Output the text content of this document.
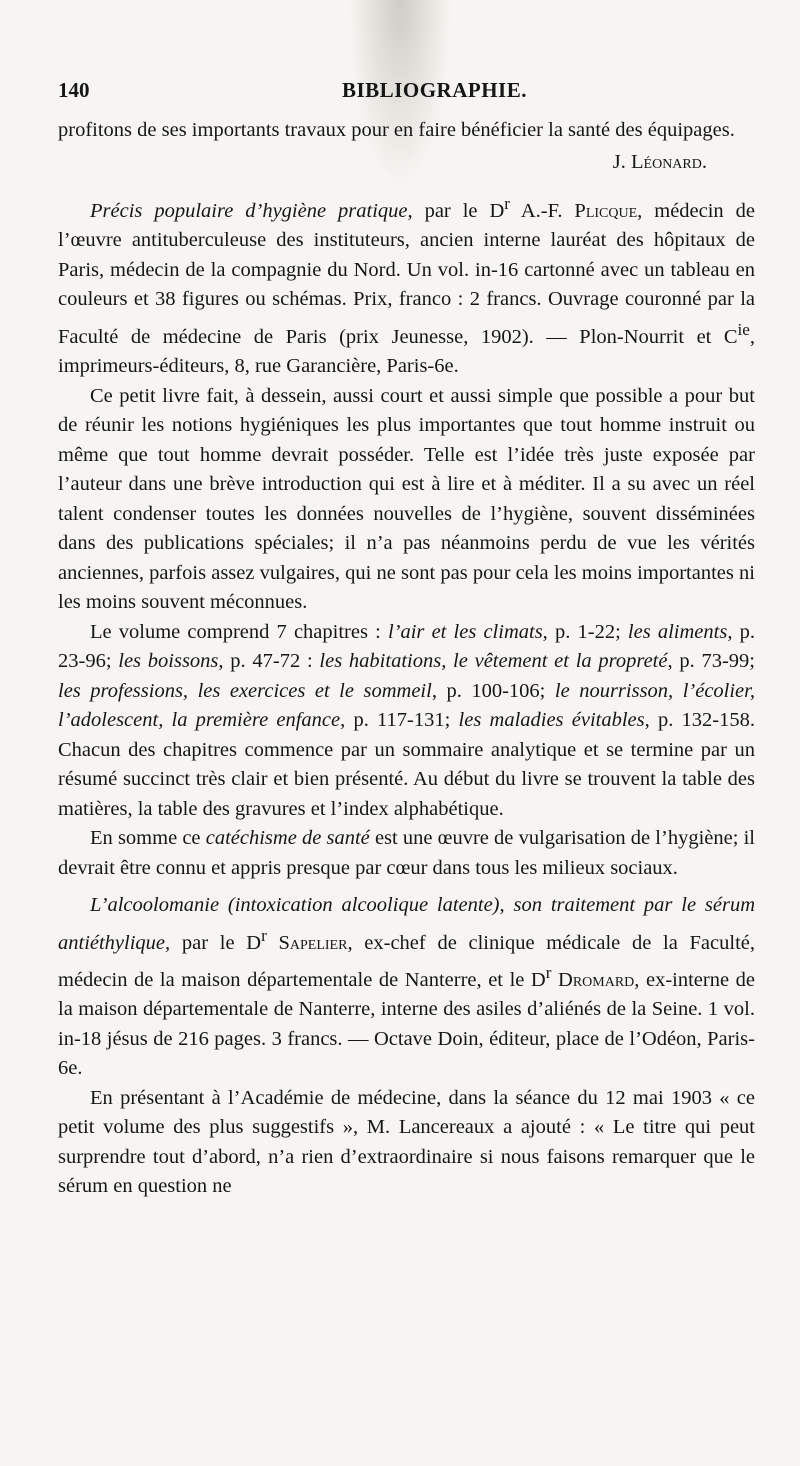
140	BIBLIOGRAPHIE.

profitons de ses importants travaux pour en faire bénéficier la santé des équipages.

J. Léonard.

Précis populaire d’hygiène pratique, par le $D^r$ A.-F. Plicque, médecin de l’œuvre antituberculeuse des instituteurs, ancien interne lauréat des hôpitaux de Paris, médecin de la compagnie du Nord. Un vol. in-16 cartonné avec un tableau en couleurs et 38 figures ou schémas. Prix, franco : 2 francs. Ouvrage couronné par la Faculté de médecine de Paris (prix Jeunesse, 1902). — Plon-Nourrit et $C^{ie}$, imprimeurs-éditeurs, 8, rue Garancière, Paris-6e.

Ce petit livre fait, à dessein, aussi court et aussi simple que possible a pour but de réunir les notions hygiéniques les plus importantes que tout homme instruit ou même que tout homme devrait posséder. Telle est l’idée très juste exposée par l’auteur dans une brève introduction qui est à lire et à méditer. Il a su avec un réel talent condenser toutes les données nouvelles de l’hygiène, souvent disséminées dans des publications spéciales; il n’a pas néanmoins perdu de vue les vérités anciennes, parfois assez vulgaires, qui ne sont pas pour cela les moins importantes ni les moins souvent méconnues.

Le volume comprend 7 chapitres : l’air et les climats, p. 1-22; les aliments, p. 23-96; les boissons, p. 47-72 : les habitations, le vêtement et la propreté, p. 73-99; les professions, les exercices et le sommeil, p. 100-106; le nourrisson, l’écolier, l’adolescent, la première enfance, p. 117-131; les maladies évitables, p. 132-158. Chacun des chapitres commence par un sommaire analytique et se termine par un résumé succinct très clair et bien présenté. Au début du livre se trouvent la table des matières, la table des gravures et l’index alphabétique.

En somme ce catéchisme de santé est une œuvre de vulgarisation de l’hygiène; il devrait être connu et appris presque par cœur dans tous les milieux sociaux.

L’alcoolomanie (intoxication alcoolique latente), son traitement par le sérum antiéthylique, par le $D^r$ Sapelier, ex-chef de clinique médicale de la Faculté, médecin de la maison départementale de Nanterre, et le $D^r$ Dromard, ex-interne de la maison départementale de Nanterre, interne des asiles d’aliénés de la Seine. 1 vol. in-18 jésus de 216 pages. 3 francs. — Octave Doin, éditeur, place de l’Odéon, Paris-6e.

En présentant à l’Académie de médecine, dans la séance du 12 mai 1903 « ce petit volume des plus suggestifs », M. Lancereaux a ajouté : « Le titre qui peut surprendre tout d’abord, n’a rien d’extraordinaire si nous faisons remarquer que le sérum en question ne
